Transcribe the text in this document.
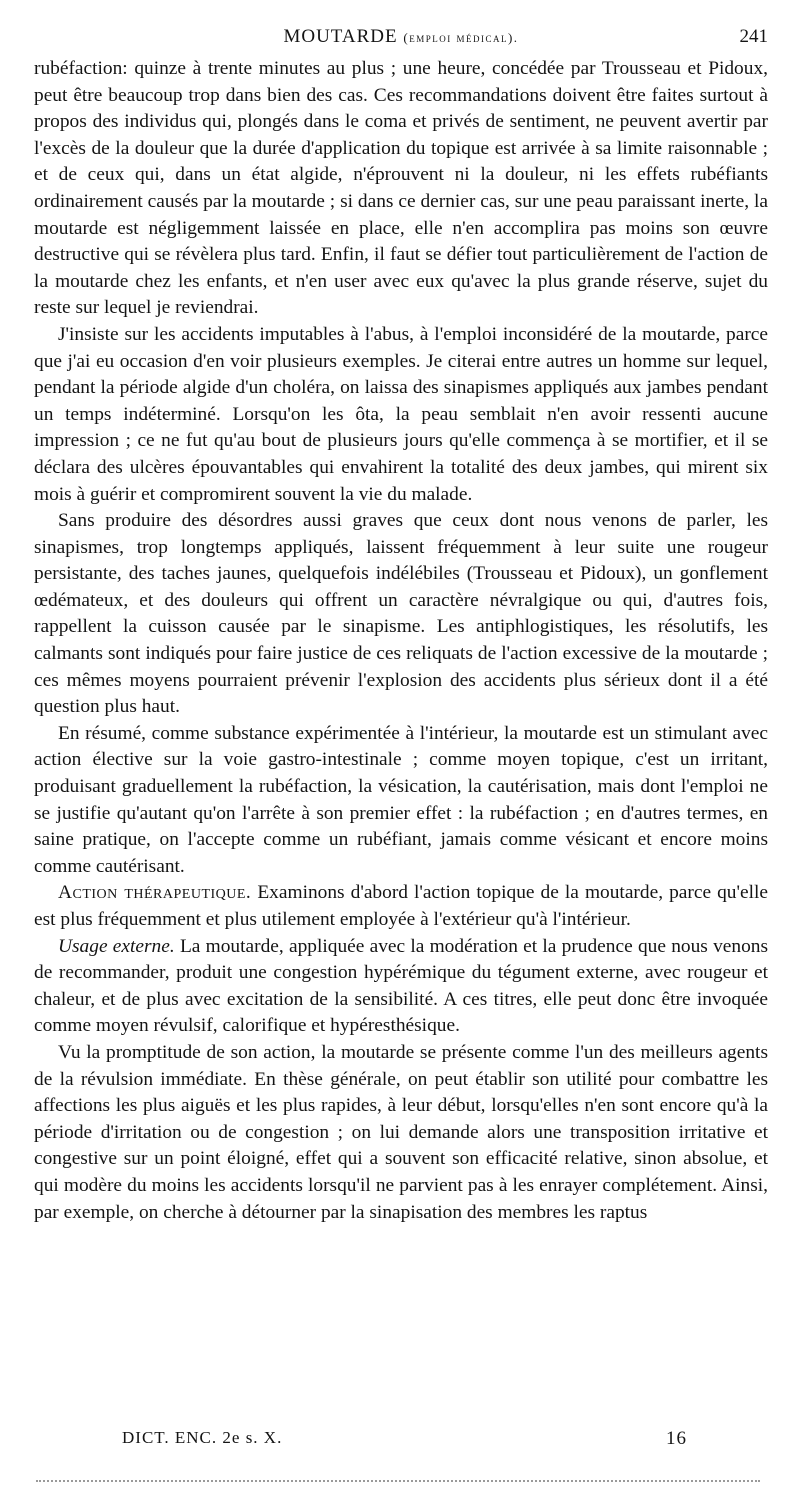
MOUTARDE (emploi médical).	241

rubéfaction: quinze à trente minutes au plus ; une heure, concédée par Trousseau et Pidoux, peut être beaucoup trop dans bien des cas. Ces recommandations doivent être faites surtout à propos des individus qui, plongés dans le coma et privés de sentiment, ne peuvent avertir par l'excès de la douleur que la durée d'application du topique est arrivée à sa limite raisonnable ; et de ceux qui, dans un état algide, n'éprouvent ni la douleur, ni les effets rubéfiants ordinairement causés par la moutarde ; si dans ce dernier cas, sur une peau paraissant inerte, la moutarde est négligemment laissée en place, elle n'en accomplira pas moins son œuvre destructive qui se révèlera plus tard. Enfin, il faut se défier tout particulièrement de l'action de la moutarde chez les enfants, et n'en user avec eux qu'avec la plus grande réserve, sujet du reste sur lequel je reviendrai.

J'insiste sur les accidents imputables à l'abus, à l'emploi inconsidéré de la moutarde, parce que j'ai eu occasion d'en voir plusieurs exemples. Je citerai entre autres un homme sur lequel, pendant la période algide d'un choléra, on laissa des sinapismes appliqués aux jambes pendant un temps indéterminé. Lorsqu'on les ôta, la peau semblait n'en avoir ressenti aucune impression ; ce ne fut qu'au bout de plusieurs jours qu'elle commença à se mortifier, et il se déclara des ulcères épouvantables qui envahirent la totalité des deux jambes, qui mirent six mois à guérir et compromirent souvent la vie du malade.

Sans produire des désordres aussi graves que ceux dont nous venons de parler, les sinapismes, trop longtemps appliqués, laissent fréquemment à leur suite une rougeur persistante, des taches jaunes, quelquefois indélébiles (Trousseau et Pidoux), un gonflement œdémateux, et des douleurs qui offrent un caractère névralgique ou qui, d'autres fois, rappellent la cuisson causée par le sinapisme. Les antiphlogistiques, les résolutifs, les calmants sont indiqués pour faire justice de ces reliquats de l'action excessive de la moutarde ; ces mêmes moyens pourraient prévenir l'explosion des accidents plus sérieux dont il a été question plus haut.

En résumé, comme substance expérimentée à l'intérieur, la moutarde est un stimulant avec action élective sur la voie gastro-intestinale ; comme moyen topique, c'est un irritant, produisant graduellement la rubéfaction, la vésication, la cautérisation, mais dont l'emploi ne se justifie qu'autant qu'on l'arrête à son premier effet : la rubéfaction ; en d'autres termes, en saine pratique, on l'accepte comme un rubéfiant, jamais comme vésicant et encore moins comme cautérisant.

Action thérapeutique. Examinons d'abord l'action topique de la moutarde, parce qu'elle est plus fréquemment et plus utilement employée à l'extérieur qu'à l'intérieur.

Usage externe. La moutarde, appliquée avec la modération et la prudence que nous venons de recommander, produit une congestion hypérémique du tégument externe, avec rougeur et chaleur, et de plus avec excitation de la sensibilité. A ces titres, elle peut donc être invoquée comme moyen révulsif, calorifique et hypéresthésique.

Vu la promptitude de son action, la moutarde se présente comme l'un des meilleurs agents de la révulsion immédiate. En thèse générale, on peut établir son utilité pour combattre les affections les plus aiguës et les plus rapides, à leur début, lorsqu'elles n'en sont encore qu'à la période d'irritation ou de congestion ; on lui demande alors une transposition irritative et congestive sur un point éloigné, effet qui a souvent son efficacité relative, sinon absolue, et qui modère du moins les accidents lorsqu'il ne parvient pas à les enrayer complétement. Ainsi, par exemple, on cherche à détourner par la sinapisation des membres les raptus

DICT. ENC. 2e s. X.	16
